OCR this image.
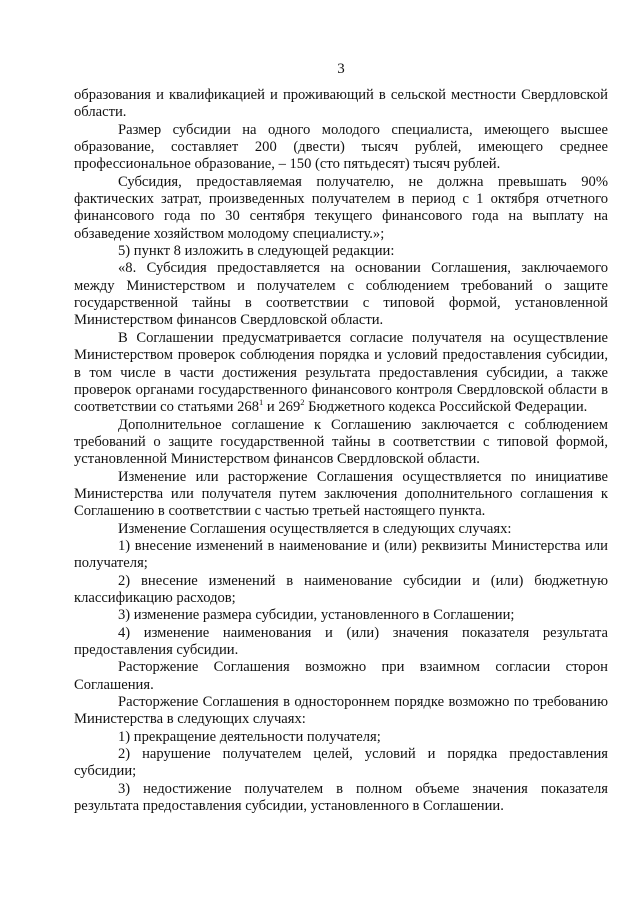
3

образования и квалификацией и проживающий в сельской местности Свердловской области.

Размер субсидии на одного молодого специалиста, имеющего высшее образование, составляет 200 (двести) тысяч рублей, имеющего среднее профессиональное образование, – 150 (сто пятьдесят) тысяч рублей.

Субсидия, предоставляемая получателю, не должна превышать 90% фактических затрат, произведенных получателем в период с 1 октября отчетного финансового года по 30 сентября текущего финансового года на выплату на обзаведение хозяйством молодому специалисту.»;

5) пункт 8 изложить в следующей редакции:

«8. Субсидия предоставляется на основании Соглашения, заключаемого между Министерством и получателем с соблюдением требований о защите государственной тайны в соответствии с типовой формой, установленной Министерством финансов Свердловской области.

В Соглашении предусматривается согласие получателя на осуществление Министерством проверок соблюдения порядка и условий предоставления субсидии, в том числе в части достижения результата предоставления субсидии, а также проверок органами государственного финансового контроля Свердловской области в соответствии со статьями $268^1$ и $269^2$ Бюджетного кодекса Российской Федерации.

Дополнительное соглашение к Соглашению заключается с соблюдением требований о защите государственной тайны в соответствии с типовой формой, установленной Министерством финансов Свердловской области.

Изменение или расторжение Соглашения осуществляется по инициативе Министерства или получателя путем заключения дополнительного соглашения к Соглашению в соответствии с частью третьей настоящего пункта.

Изменение Соглашения осуществляется в следующих случаях:

1) внесение изменений в наименование и (или) реквизиты Министерства или получателя;

2) внесение изменений в наименование субсидии и (или) бюджетную классификацию расходов;

3) изменение размера субсидии, установленного в Соглашении;

4) изменение наименования и (или) значения показателя результата предоставления субсидии.

Расторжение Соглашения возможно при взаимном согласии сторон Соглашения.

Расторжение Соглашения в одностороннем порядке возможно по требованию Министерства в следующих случаях:

1) прекращение деятельности получателя;

2) нарушение получателем целей, условий и порядка предоставления субсидии;

3) недостижение получателем в полном объеме значения показателя результата предоставления субсидии, установленного в Соглашении.
